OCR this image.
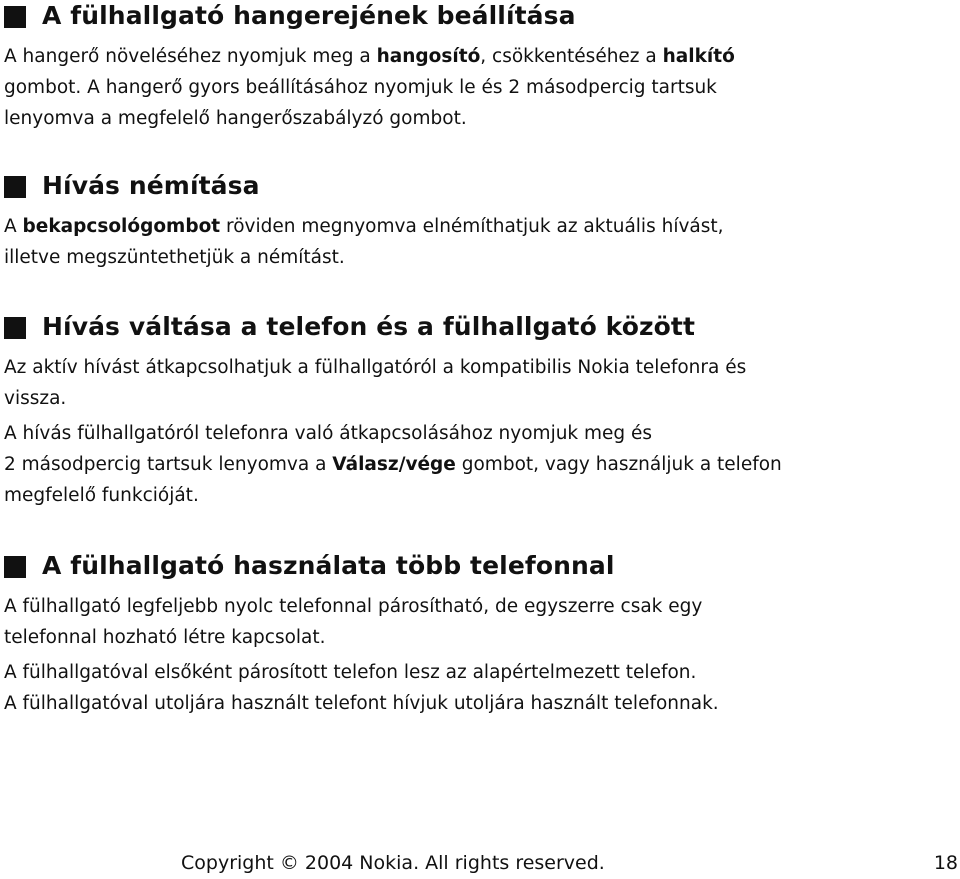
A fülhallgató hangerejének beállítása

A hangerő növeléséhez nyomjuk meg a hangosító, csökkentéséhez a halkító

gombot. A hangerő gyors beállításához nyomjuk le és 2 másodpercig tartsuk

lenyomva a megfelelő hangerőszabályzó gombot.

Hívás némítása

A bekapcsológombot röviden megnyomva elnémíthatjuk az aktuális hívást,

illetve megszüntethetjük a némítást.

Hívás váltása a telefon és a fülhallgató között

Az aktív hívást átkapcsolhatjuk a fülhallgatóról a kompatibilis Nokia telefonra és

vissza.

A hívás fülhallgatóról telefonra való átkapcsolásához nyomjuk meg és

2 másodpercig tartsuk lenyomva a Válasz/vége gombot, vagy használjuk a telefon

megfelelő funkcióját.

A fülhallgató használata több telefonnal

A fülhallgató legfeljebb nyolc telefonnal párosítható, de egyszerre csak egy

telefonnal hozható létre kapcsolat.

A fülhallgatóval elsőként párosított telefon lesz az alapértelmezett telefon.

A fülhallgatóval utoljára használt telefont hívjuk utoljára használt telefonnak.

Copyright © 2004 Nokia. All rights reserved.	18
